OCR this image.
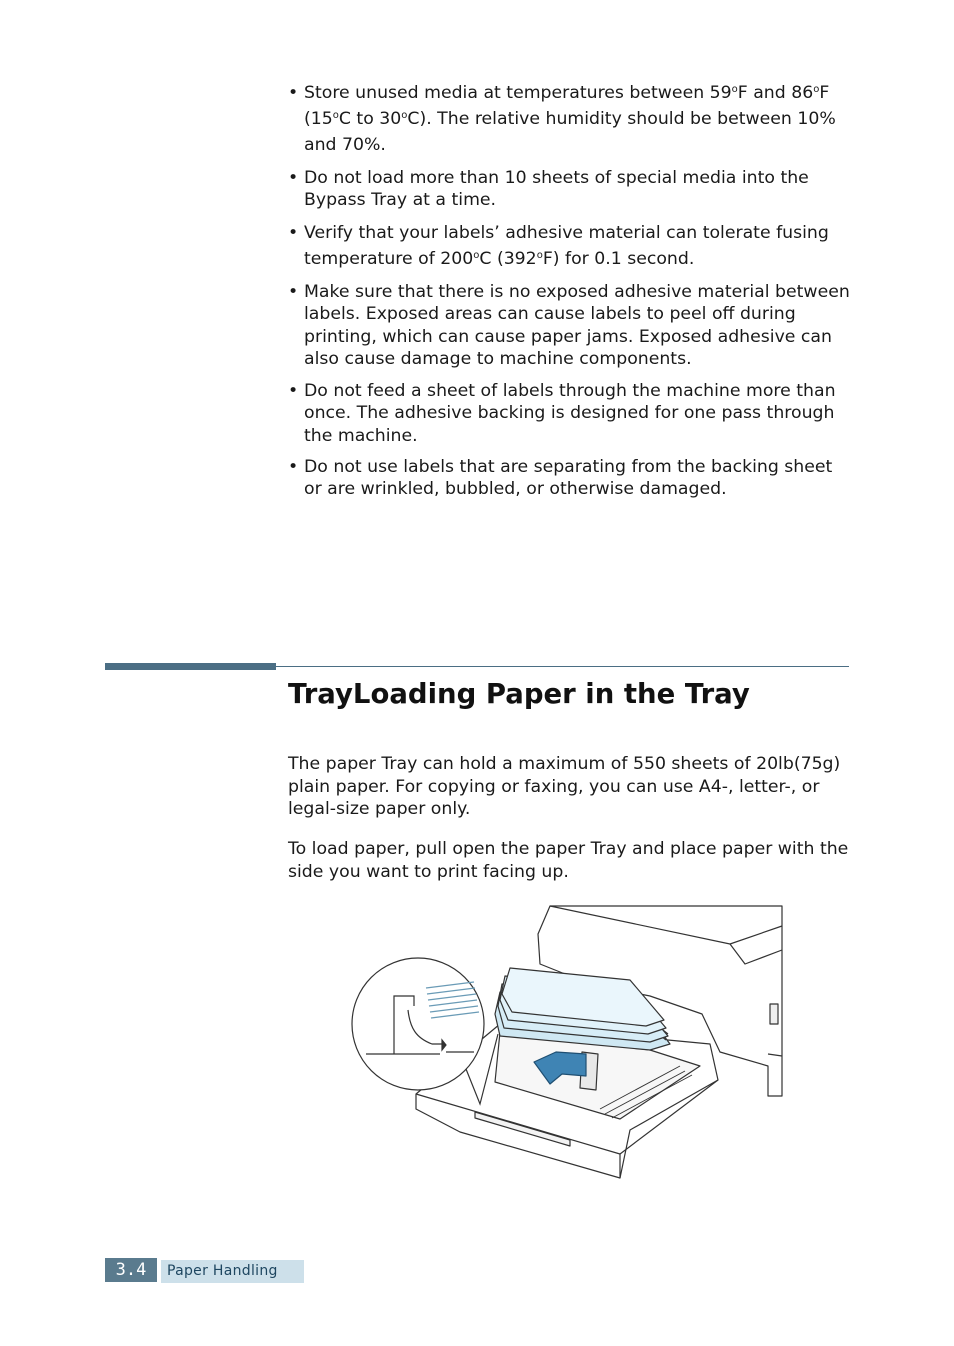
• Store unused media at temperatures between 59$^o$F and 86$^o$F (15$^o$C to 30$^o$C). The relative humidity should be between 10% and 70%.
• Do not load more than 10 sheets of special media into the Bypass Tray at a time.
• Verify that your labels’ adhesive material can tolerate fusing temperature of 200$^o$C (392$^o$F) for 0.1 second.
• Make sure that there is no exposed adhesive material between labels. Exposed areas can cause labels to peel off during printing, which can cause paper jams. Exposed adhesive can also cause damage to machine components.
• Do not feed a sheet of labels through the machine more than once. The adhesive backing is designed for one pass through the machine.
• Do not use labels that are separating from the backing sheet or are wrinkled, bubbled, or otherwise damaged.
TrayLoading Paper in the Tray

The paper Tray can hold a maximum of 550 sheets of 20lb(75g) plain paper. For copying or faxing, you can use A4-, letter-, or legal-size paper only.

To load paper, pull open the paper Tray and place paper with the side you want to print facing up.

3.4	Paper Handling
